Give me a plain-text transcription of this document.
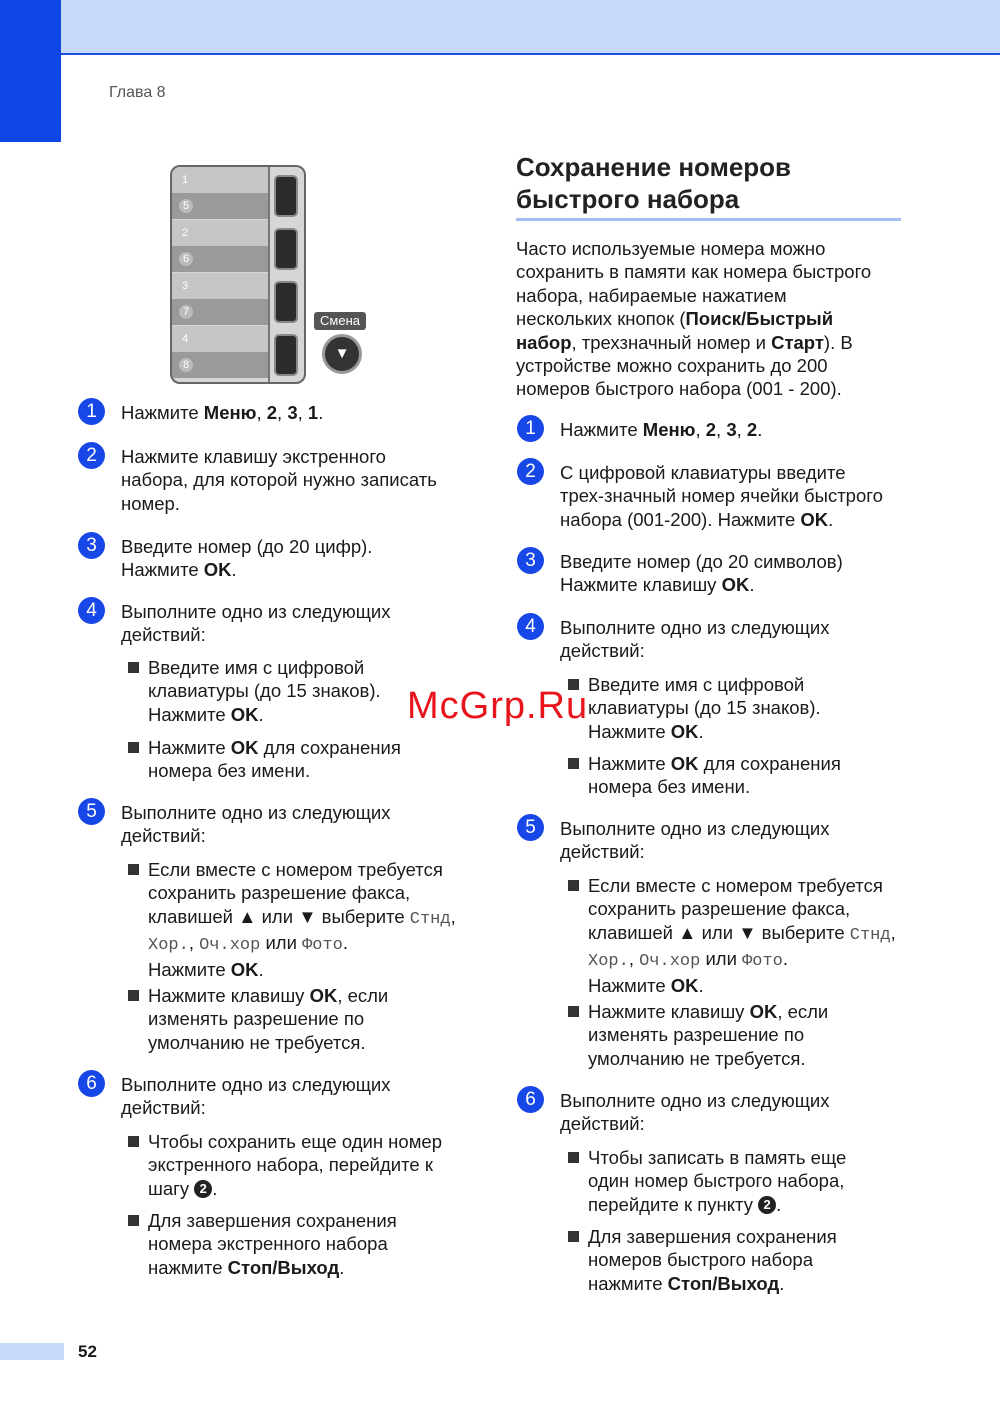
Глава 8
1
5
2
6
3
7
4
8
Смена
▼
1	Нажмите Меню, 2, 3, 1.
2	Нажмите клавишу экстренного
набора, для которой нужно записать
номер.
3	Введите номер (до 20 цифр).
Нажмите OK.
4	Выполните одно из следующих
действий:
Введите имя с цифровой
клавиатуры (до 15 знаков).
Нажмите OK.
Нажмите OK для сохранения
номера без имени.
5	Выполните одно из следующих
действий:
Если вместе с номером требуется
сохранить разрешение факса,
клавишей ▲ или ▼ выберите Стнд,
Хор., Оч.хор или Фото.
Нажмите OK.
Нажмите клавишу OK, если
изменять разрешение по
умолчанию не требуется.
6	Выполните одно из следующих
действий:
Чтобы сохранить еще один номер
экстренного набора, перейдите к
шагу 2 .
Для завершения сохранения
номера экстренного набора
нажмите Стоп/Выход.
Сохранение номеров
быстрого набора
Часто используемые номера можно
сохранить в памяти как номера быстрого
набора, набираемые нажатием
нескольких кнопок (Поиск/Быстрый
набор, трехзначный номер и Старт). В
устройстве можно сохранить до 200
номеров быстрого набора (001 - 200).
1	Нажмите Меню, 2, 3, 2.
2	С цифровой клавиатуры введите
трех-значный номер ячейки быстрого
набора (001-200). Нажмите OK.
3	Введите номер (до 20 символов)
Нажмите клавишу OK.
4	Выполните одно из следующих
действий:
Введите имя с цифровой
клавиатуры (до 15 знаков).
Нажмите OK.
Нажмите OK для сохранения
номера без имени.
5	Выполните одно из следующих
действий:
Если вместе с номером требуется
сохранить разрешение факса,
клавишей ▲ или ▼ выберите Стнд,
Хор., Оч.хор или Фото.
Нажмите OK.
Нажмите клавишу OK, если
изменять разрешение по
умолчанию не требуется.
6	Выполните одно из следующих
действий:
Чтобы записать в память еще
один номер быстрого набора,
перейдите к пункту 2 .
Для завершения сохранения
номеров быстрого набора
нажмите Стоп/Выход.
McGrp.Ru
52
